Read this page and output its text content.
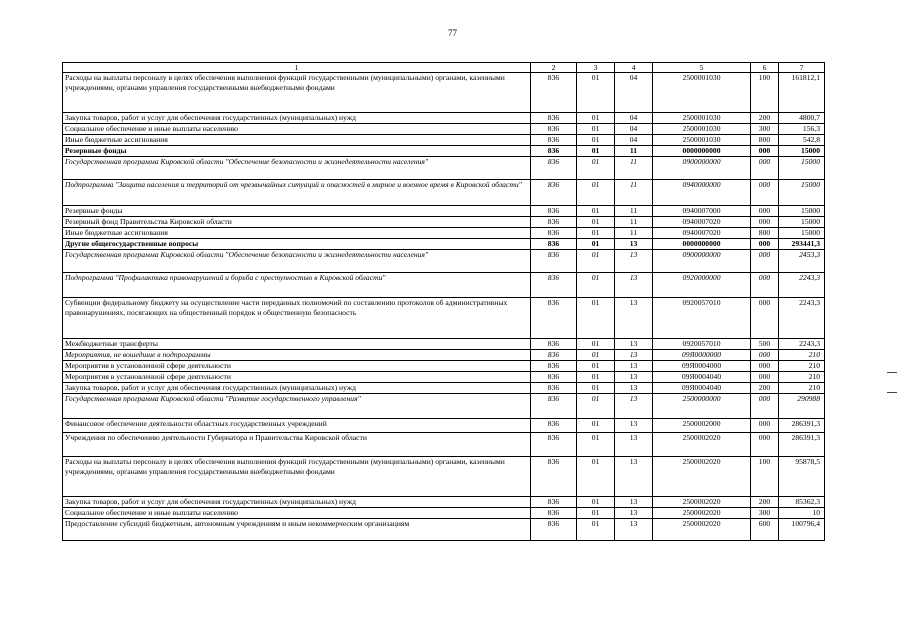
77
1	2	3	4	5	6	7
Расходы на выплаты персоналу в целях обеспечения выполнения функций государственными (муниципальными) органами, казенными учреждениями, органами управления государственными внебюджетными фондами	836	01	04	2500001030	100	161812,1
Закупка товаров, работ и услуг для обеспечения государственных (муниципальных) нужд	836	01	04	2500001030	200	4800,7
Социальное обеспечение и иные выплаты населению	836	01	04	2500001030	300	156,3
Иные бюджетные ассигнования	836	01	04	2500001030	800	542,8
Резервные фонды	836	01	11	0000000000	000	15000
Государственная программа Кировской области "Обеспечение безопасности и жизнедеятельности населения"	836	01	11	0900000000	000	15000
Подпрограмма "Защита населения и территорий от чрезвычайных ситуаций и опасностей в мирное и военное время в Кировской области"	836	01	11	0940000000	000	15000
Резервные фонды	836	01	11	0940007000	000	15000
Резервный фонд Правительства Кировской области	836	01	11	0940007020	000	15000
Иные бюджетные ассигнования	836	01	11	0940007020	800	15000
Другие общегосударственные вопросы	836	01	13	0000000000	000	293441,3
Государственная программа Кировской области "Обеспечение безопасности и жизнедеятельности населения"	836	01	13	0900000000	000	2453,3
Подпрограмма "Профилактика правонарушений и борьба с преступностью в Кировской области"	836	01	13	0920000000	000	2243,3
Субвенции федеральному бюджету на осуществление части переданных полномочий по составлению протоколов об административных правонарушениях, посягающих на общественный порядок и общественную безопасность	836	01	13	0920057010	000	2243,3
Межбюджетные трансферты	836	01	13	0920057010	500	2243,3
Мероприятия, не вошедшие в подпрограммы	836	01	13	09Я0000000	000	210
Мероприятия в установленной сфере деятельности	836	01	13	09Я0004000	000	210
Мероприятия в установленной сфере деятельности	836	01	13	09Я0004040	000	210
Закупка товаров, работ и услуг для обеспечения государственных (муниципальных) нужд	836	01	13	09Я0004040	200	210
Государственная программа Кировской области "Развитие государственного управления"	836	01	13	2500000000	000	290988
Финансовое обеспечение деятельности областных государственных учреждений	836	01	13	2500002000	000	286391,3
Учреждения по обеспечению деятельности Губернатора и Правительства Кировской области	836	01	13	2500002020	000	286391,3
Расходы на выплаты персоналу в целях обеспечения выполнения функций государственными (муниципальными) органами, казенными учреждениями, органами управления государственными внебюджетными фондами	836	01	13	2500002020	100	95878,5
Закупка товаров, работ и услуг для обеспечения государственных (муниципальных) нужд	836	01	13	2500002020	200	85362,3
Социальное обеспечение и иные выплаты населению	836	01	13	2500002020	300	10
Предоставление субсидий бюджетным, автономным учреждениям и иным некоммерческим организациям	836	01	13	2500002020	600	100796,4
